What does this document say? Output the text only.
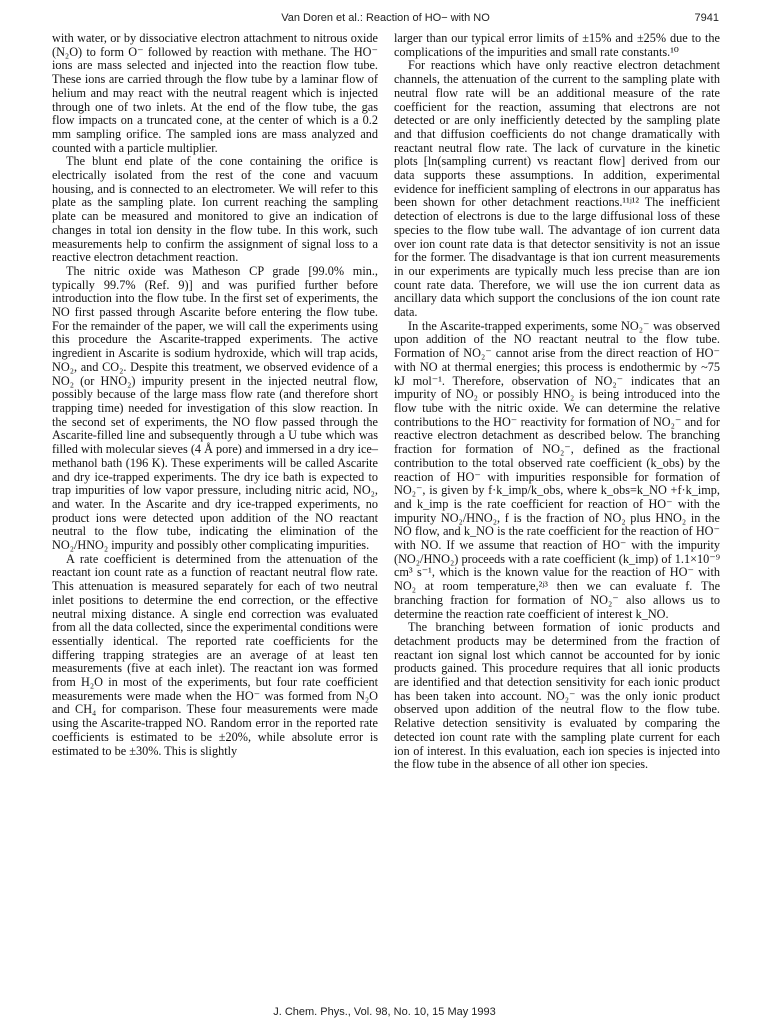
Van Doren et al.: Reaction of HO− with NO	7941

with water, or by dissociative electron attachment to nitrous oxide (N₂O) to form O⁻ followed by reaction with methane. The HO⁻ ions are mass selected and injected into the reaction flow tube. These ions are carried through the flow tube by a laminar flow of helium and may react with the neutral reagent which is injected through one of two inlets. At the end of the flow tube, the gas flow impacts on a truncated cone, at the center of which is a 0.2 mm sampling orifice. The sampled ions are mass analyzed and counted with a particle multiplier.

The blunt end plate of the cone containing the orifice is electrically isolated from the rest of the cone and vacuum housing, and is connected to an electrometer. We will refer to this plate as the sampling plate. Ion current reaching the sampling plate can be measured and monitored to give an indication of changes in total ion density in the flow tube. In this work, such measurements help to confirm the assignment of signal loss to a reactive electron detachment reaction.

The nitric oxide was Matheson CP grade [99.0% min., typically 99.7% (Ref. 9)] and was purified further before introduction into the flow tube. In the first set of experiments, the NO first passed through Ascarite before entering the flow tube. For the remainder of the paper, we will call the experiments using this procedure the Ascarite-trapped experiments. The active ingredient in Ascarite is sodium hydroxide, which will trap acids, NO₂, and CO₂. Despite this treatment, we observed evidence of a NO₂ (or HNO₂) impurity present in the injected neutral flow, possibly because of the large mass flow rate (and therefore short trapping time) needed for investigation of this slow reaction. In the second set of experiments, the NO flow passed through the Ascarite-filled line and subsequently through a U tube which was filled with molecular sieves (4 Å pore) and immersed in a dry ice–methanol bath (196 K). These experiments will be called Ascarite and dry ice-trapped experiments. The dry ice bath is expected to trap impurities of low vapor pressure, including nitric acid, NO₂, and water. In the Ascarite and dry ice-trapped experiments, no product ions were detected upon addition of the NO reactant neutral to the flow tube, indicating the elimination of the NO₂/HNO₂ impurity and possibly other complicating impurities.

A rate coefficient is determined from the attenuation of the reactant ion count rate as a function of reactant neutral flow rate. This attenuation is measured separately for each of two neutral inlet positions to determine the end correction, or the effective neutral mixing distance. A single end correction was evaluated from all the data collected, since the experimental conditions were essentially identical. The reported rate coefficients for the differing trapping strategies are an average of at least ten measurements (five at each inlet). The reactant ion was formed from H₂O in most of the experiments, but four rate coefficient measurements were made when the HO⁻ was formed from N₂O and CH₄ for comparison. These four measurements were made using the Ascarite-trapped NO. Random error in the reported rate coefficients is estimated to be ±20%, while absolute error is estimated to be ±30%. This is slightly

larger than our typical error limits of ±15% and ±25% due to the complications of the impurities and small rate constants.¹⁰

For reactions which have only reactive electron detachment channels, the attenuation of the current to the sampling plate with neutral flow rate will be an additional measure of the rate coefficient for the reaction, assuming that electrons are not detected or are only inefficiently detected by the sampling plate and that diffusion coefficients do not change dramatically with reactant neutral flow rate. The lack of curvature in the kinetic plots [ln(sampling current) vs reactant flow] derived from our data supports these assumptions. In addition, experimental evidence for inefficient sampling of electrons in our apparatus has been shown for other detachment reactions.¹¹ʲ¹² The inefficient detection of electrons is due to the large diffusional loss of these species to the flow tube wall. The advantage of ion current data over ion count rate data is that detector sensitivity is not an issue for the former. The disadvantage is that ion current measurements in our experiments are typically much less precise than are ion count rate data. Therefore, we will use the ion current data as ancillary data which support the conclusions of the ion count rate data.

In the Ascarite-trapped experiments, some NO₂⁻ was observed upon addition of the NO reactant neutral to the flow tube. Formation of NO₂⁻ cannot arise from the direct reaction of HO⁻ with NO at thermal energies; this process is endothermic by ~75 kJ mol⁻¹. Therefore, observation of NO₂⁻ indicates that an impurity of NO₂ or possibly HNO₂ is being introduced into the flow tube with the nitric oxide. We can determine the relative contributions to the HO⁻ reactivity for formation of NO₂⁻ and for reactive electron detachment as described below. The branching fraction for formation of NO₂⁻, defined as the fractional contribution to the total observed rate coefficient (k_obs) by the reaction of HO⁻ with impurities responsible for formation of NO₂⁻, is given by f·k_imp/k_obs, where k_obs=k_NO +f·k_imp, and k_imp is the rate coefficient for reaction of HO⁻ with the impurity NO₂/HNO₂, f is the fraction of NO₂ plus HNO₂ in the NO flow, and k_NO is the rate coefficient for the reaction of HO⁻ with NO. If we assume that reaction of HO⁻ with the impurity (NO₂/HNO₂) proceeds with a rate coefficient (k_imp) of 1.1×10⁻⁹ cm³ s⁻¹, which is the known value for the reaction of HO⁻ with NO₂ at room temperature,²ʲ³ then we can evaluate f. The branching fraction for formation of NO₂⁻ also allows us to determine the reaction rate coefficient of interest k_NO.

The branching between formation of ionic products and detachment products may be determined from the fraction of reactant ion signal lost which cannot be accounted for by ionic products gained. This procedure requires that all ionic products are identified and that detection sensitivity for each ionic product has been taken into account. NO₂⁻ was the only ionic product observed upon addition of the neutral flow to the flow tube. Relative detection sensitivity is evaluated by comparing the detected ion count rate with the sampling plate current for each ion of interest. In this evaluation, each ion species is injected into the flow tube in the absence of all other ion species.

J. Chem. Phys., Vol. 98, No. 10, 15 May 1993
